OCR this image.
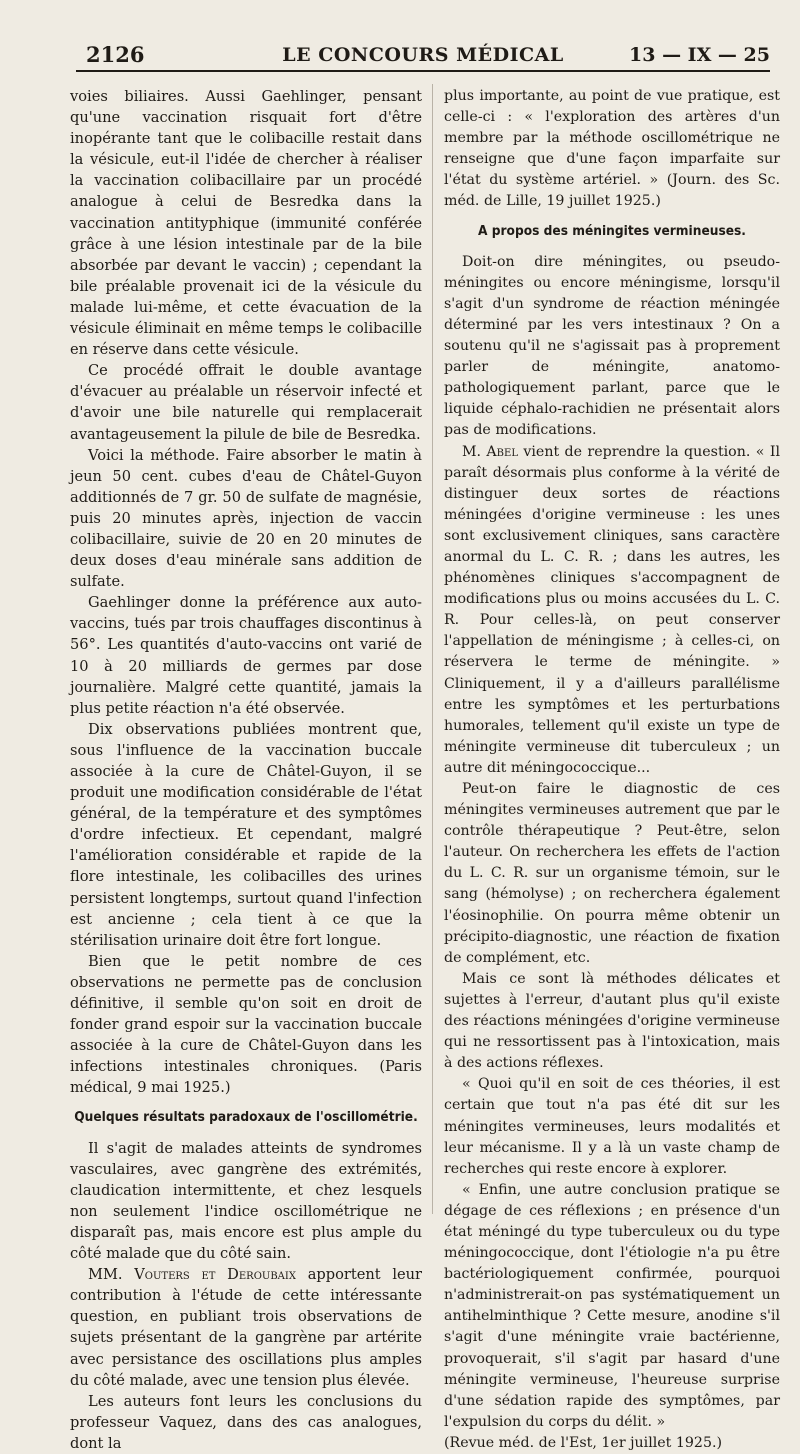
2126	LE CONCOURS MÉDICAL	13 — IX — 25

voies biliaires. Aussi Gaehlinger, pensant qu'une vaccination risquait fort d'être inopérante tant que le colibacille restait dans la vésicule, eut-il l'idée de chercher à réaliser la vaccination colibacillaire par un procédé analogue à celui de Besredka dans la vaccination antityphique (immunité conférée grâce à une lésion intestinale par de la bile absorbée par devant le vaccin) ; cependant la bile préalable provenait ici de la vésicule du malade lui-même, et cette évacuation de la vésicule éliminait en même temps le colibacille en réserve dans cette vésicule.

Ce procédé offrait le double avantage d'évacuer au préalable un réservoir infecté et d'avoir une bile naturelle qui remplacerait avantageusement la pilule de bile de Besredka.

Voici la méthode. Faire absorber le matin à jeun 50 cent. cubes d'eau de Châtel-Guyon additionnés de 7 gr. 50 de sulfate de magnésie, puis 20 minutes après, injection de vaccin colibacillaire, suivie de 20 en 20 minutes de deux doses d'eau minérale sans addition de sulfate.

Gaehlinger donne la préférence aux auto-vaccins, tués par trois chauffages discontinus à 56°. Les quantités d'auto-vaccins ont varié de 10 à 20 milliards de germes par dose journalière. Malgré cette quantité, jamais la plus petite réaction n'a été observée.

Dix observations publiées montrent que, sous l'influence de la vaccination buccale associée à la cure de Châtel-Guyon, il se produit une modification considérable de l'état général, de la température et des symptômes d'ordre infectieux. Et cependant, malgré l'amélioration considérable et rapide de la flore intestinale, les colibacilles des urines persistent longtemps, surtout quand l'infection est ancienne ; cela tient à ce que la stérilisation urinaire doit être fort longue.

Bien que le petit nombre de ces observations ne permette pas de conclusion définitive, il semble qu'on soit en droit de fonder grand espoir sur la vaccination buccale associée à la cure de Châtel-Guyon dans les infections intestinales chroniques. (Paris médical, 9 mai 1925.)

Quelques résultats paradoxaux de l'oscillométrie.

Il s'agit de malades atteints de syndromes vasculaires, avec gangrène des extrémités, claudication intermittente, et chez lesquels non seulement l'indice oscillométrique ne disparaît pas, mais encore est plus ample du côté malade que du côté sain.

MM. Vouters et Deroubaix apportent leur contribution à l'étude de cette intéressante question, en publiant trois observations de sujets présentant de la gangrène par artérite avec persistance des oscillations plus amples du côté malade, avec une tension plus élevée.

Les auteurs font leurs les conclusions du professeur Vaquez, dans des cas analogues, dont la

plus importante, au point de vue pratique, est celle-ci : « l'exploration des artères d'un membre par la méthode oscillométrique ne renseigne que d'une façon imparfaite sur l'état du système artériel. » (Journ. des Sc. méd. de Lille, 19 juillet 1925.)

A propos des méningites vermineuses.

Doit-on dire méningites, ou pseudo-méningites ou encore méningisme, lorsqu'il s'agit d'un syndrome de réaction méningée déterminé par les vers intestinaux ? On a soutenu qu'il ne s'agissait pas à proprement parler de méningite, anatomo-pathologiquement parlant, parce que le liquide céphalo-rachidien ne présentait alors pas de modifications.

M. Abel vient de reprendre la question. « Il paraît désormais plus conforme à la vérité de distinguer deux sortes de réactions méningées d'origine vermineuse : les unes sont exclusivement cliniques, sans caractère anormal du L. C. R. ; dans les autres, les phénomènes cliniques s'accompagnent de modifications plus ou moins accusées du L. C. R. Pour celles-là, on peut conserver l'appellation de méningisme ; à celles-ci, on réservera le terme de méningite. » Cliniquement, il y a d'ailleurs parallélisme entre les symptômes et les perturbations humorales, tellement qu'il existe un type de méningite vermineuse dit tuberculeux ; un autre dit méningococcique...

Peut-on faire le diagnostic de ces méningites vermineuses autrement que par le contrôle thérapeutique ? Peut-être, selon l'auteur. On recherchera les effets de l'action du L. C. R. sur un organisme témoin, sur le sang (hémolyse) ; on recherchera également l'éosinophilie. On pourra même obtenir un précipito-diagnostic, une réaction de fixation de complément, etc.

Mais ce sont là méthodes délicates et sujettes à l'erreur, d'autant plus qu'il existe des réactions méningées d'origine vermineuse qui ne ressortissent pas à l'intoxication, mais à des actions réflexes.

« Quoi qu'il en soit de ces théories, il est certain que tout n'a pas été dit sur les méningites vermineuses, leurs modalités et leur mécanisme. Il y a là un vaste champ de recherches qui reste encore à explorer.

« Enfin, une autre conclusion pratique se dégage de ces réflexions ; en présence d'un état méningé du type tuberculeux ou du type méningococcique, dont l'étiologie n'a pu être bactériologiquement confirmée, pourquoi n'administrerait-on pas systématiquement un antihelminthique ? Cette mesure, anodine s'il s'agit d'une méningite vraie bactérienne, provoquerait, s'il s'agit par hasard d'une méningite vermineuse, l'heureuse surprise d'une sédation rapide des symptômes, par l'expulsion du corps du délit. »

(Revue méd. de l'Est, 1er juillet 1925.)
